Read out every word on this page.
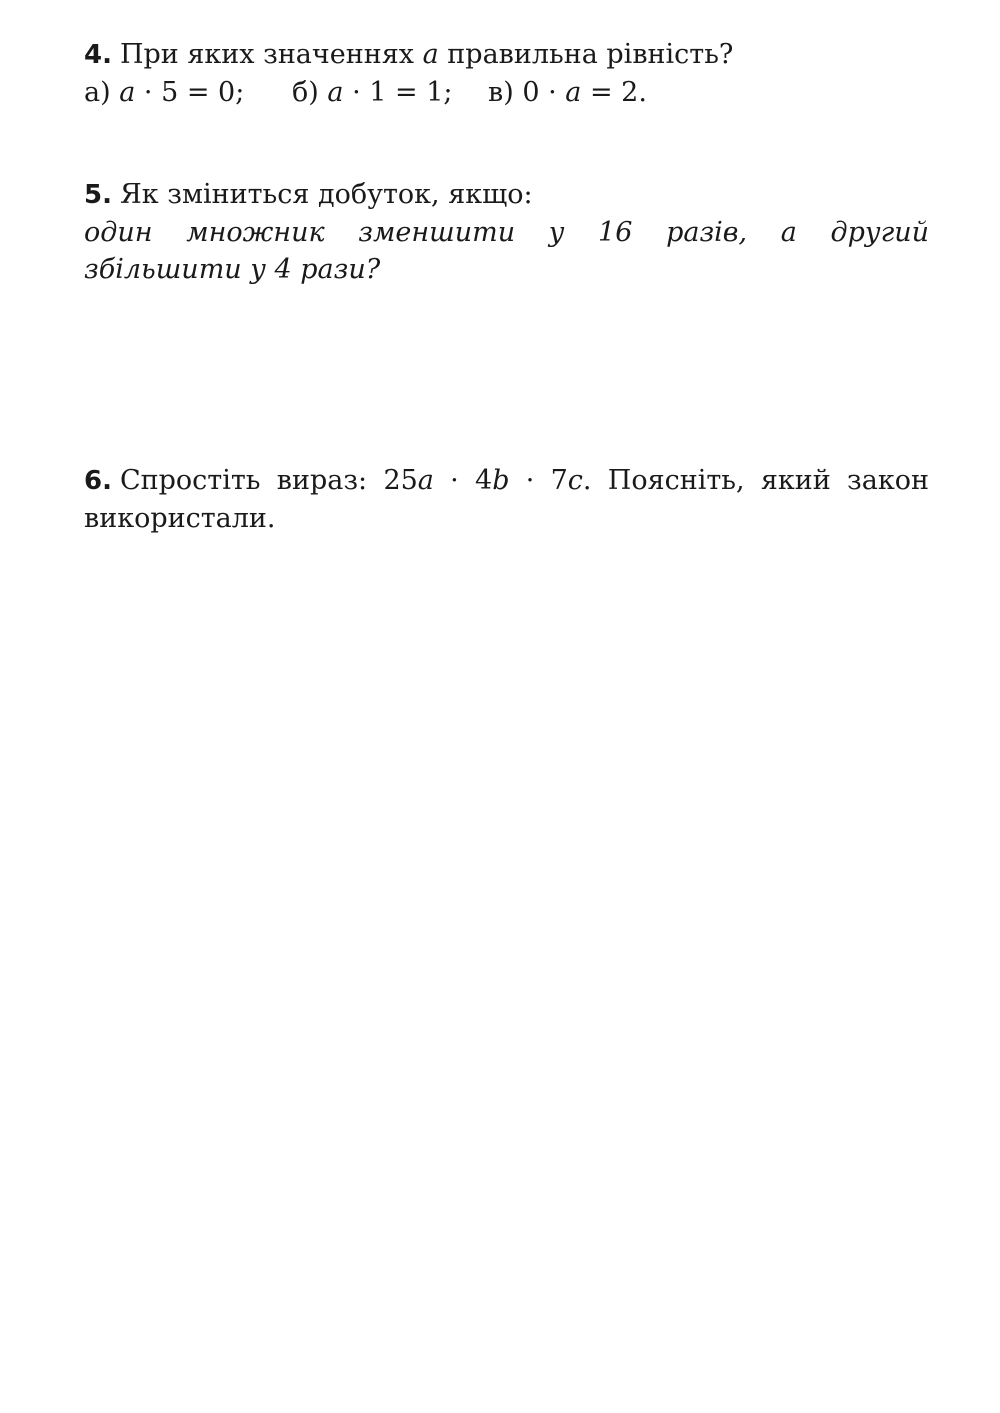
4. При яких значеннях a правильна рівність?
а) a · 5 = 0; б) a · 1 = 1; в) 0 · a = 2.
5. Як зміниться добуток, якщо:
один множник зменшити у 16 разів, а другий
збільшити у 4 рази?
6. Спростіть вираз: 25a · 4b · 7c. Поясніть, який закон
використали.
